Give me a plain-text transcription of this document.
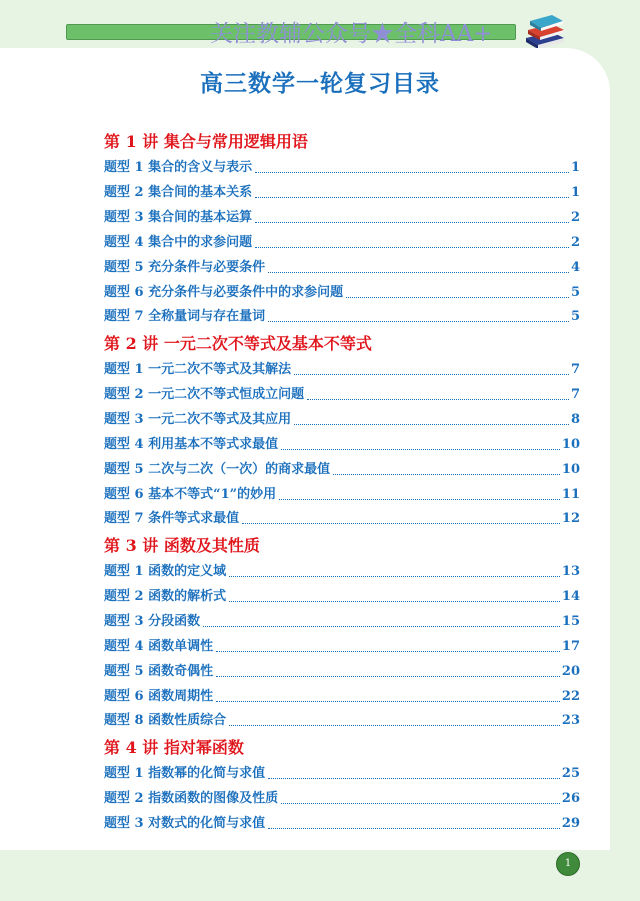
关注教辅公众号★全科AA+
高三数学一轮复习目录
第 1 讲 集合与常用逻辑用语
题型 1 集合的含义与表示	1
题型 2 集合间的基本关系	1
题型 3 集合间的基本运算	2
题型 4 集合中的求参问题	2
题型 5 充分条件与必要条件	4
题型 6 充分条件与必要条件中的求参问题	5
题型 7 全称量词与存在量词	5
第 2 讲 一元二次不等式及基本不等式
题型 1 一元二次不等式及其解法	7
题型 2 一元二次不等式恒成立问题	7
题型 3 一元二次不等式及其应用	8
题型 4 利用基本不等式求最值	10
题型 5 二次与二次（一次）的商求最值	10
题型 6 基本不等式“1”的妙用	11
题型 7 条件等式求最值	12
第 3 讲 函数及其性质
题型 1 函数的定义域	13
题型 2 函数的解析式	14
题型 3 分段函数	15
题型 4 函数单调性	17
题型 5 函数奇偶性	20
题型 6 函数周期性	22
题型 8 函数性质综合	23
第 4 讲 指对幂函数
题型 1 指数幂的化简与求值	25
题型 2 指数函数的图像及性质	26
题型 3 对数式的化简与求值	29
1
